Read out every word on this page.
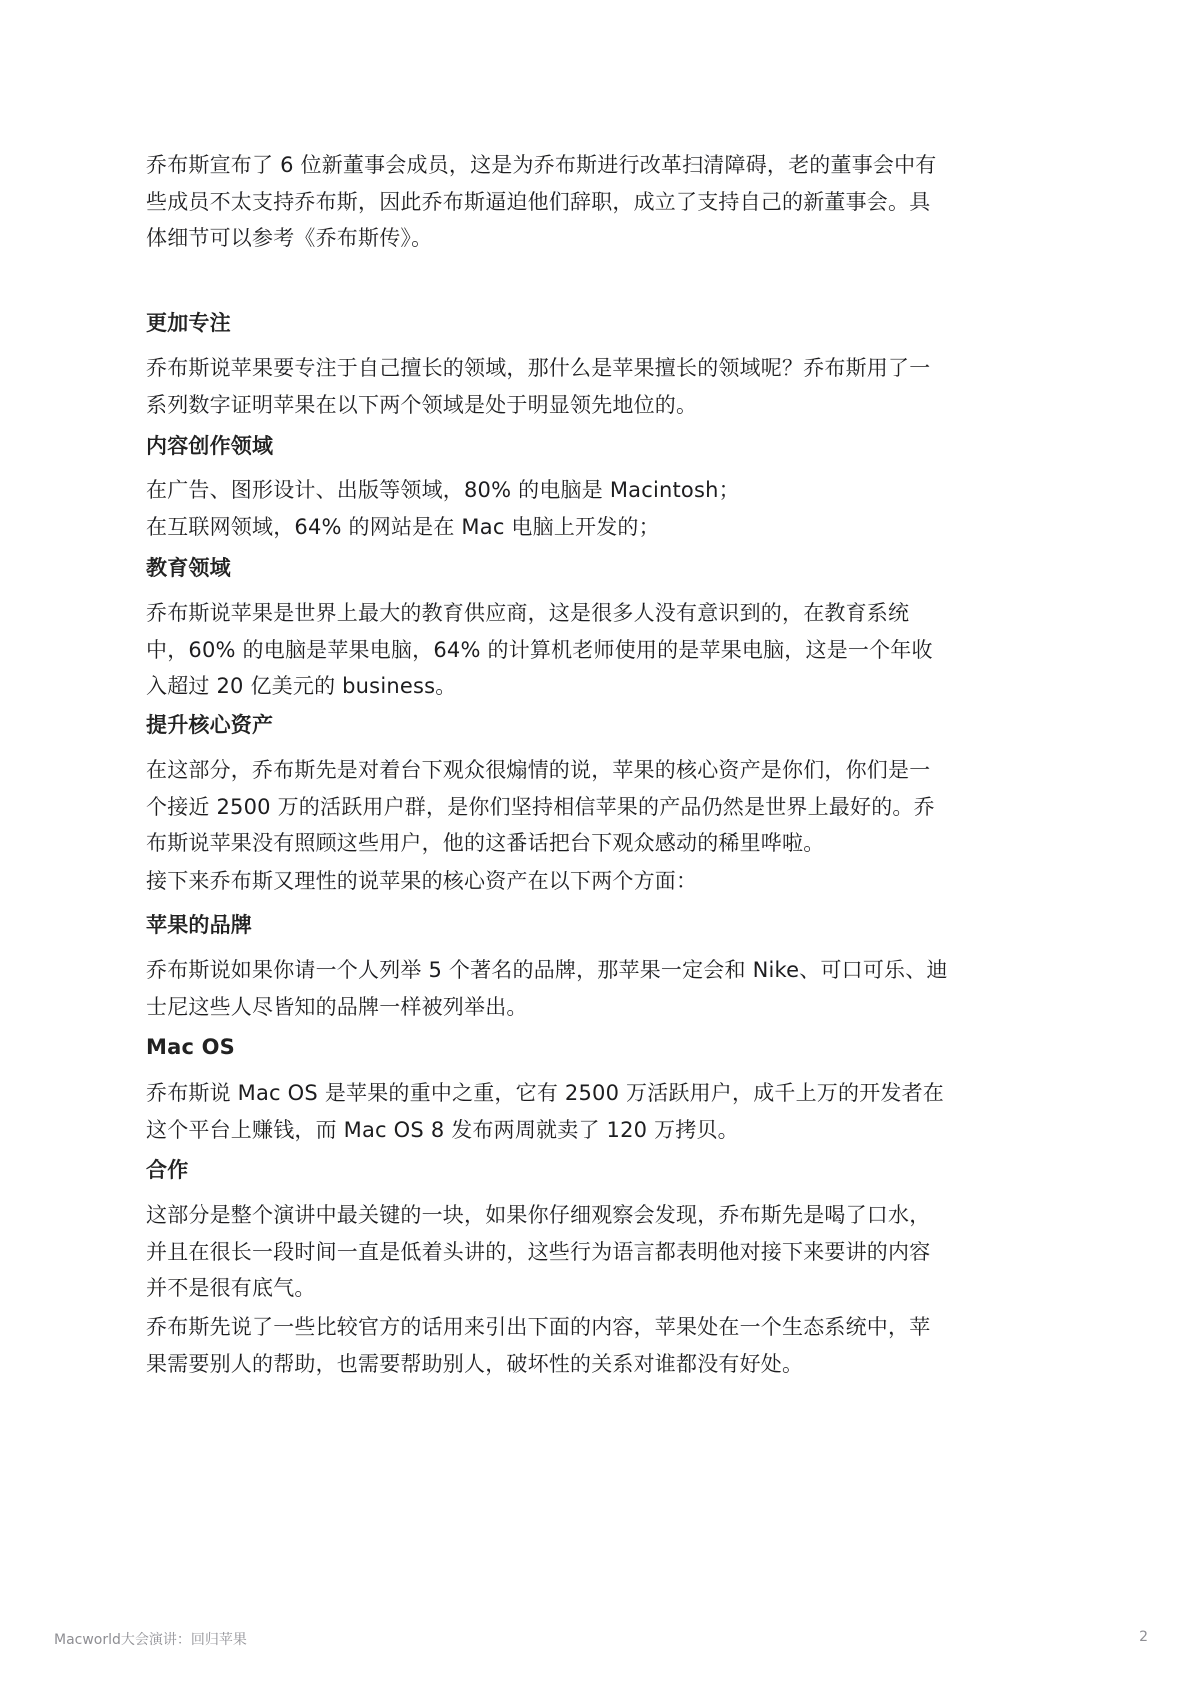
乔布斯宣布了 6 位新董事会成员，这是为乔布斯进行改革扫清障碍，老的董事会中有
些成员不太支持乔布斯，因此乔布斯逼迫他们辞职，成立了支持自己的新董事会。具
体细节可以参考《乔布斯传》。

更加专注

乔布斯说苹果要专注于自己擅长的领域，那什么是苹果擅长的领域呢？乔布斯用了一
系列数字证明苹果在以下两个领域是处于明显领先地位的。

内容创作领域

在广告、图形设计、出版等领域，80% 的电脑是 Macintosh；
在互联网领域，64% 的网站是在 Mac 电脑上开发的；

教育领域

乔布斯说苹果是世界上最大的教育供应商，这是很多人没有意识到的，在教育系统
中，60% 的电脑是苹果电脑，64% 的计算机老师使用的是苹果电脑，这是一个年收
入超过 20 亿美元的 business。

提升核心资产

在这部分，乔布斯先是对着台下观众很煽情的说，苹果的核心资产是你们，你们是一
个接近 2500 万的活跃用户群，是你们坚持相信苹果的产品仍然是世界上最好的。乔
布斯说苹果没有照顾这些用户，他的这番话把台下观众感动的稀里哗啦。

接下来乔布斯又理性的说苹果的核心资产在以下两个方面：

苹果的品牌

乔布斯说如果你请一个人列举 5 个著名的品牌，那苹果一定会和 Nike、可口可乐、迪
士尼这些人尽皆知的品牌一样被列举出。

Mac OS

乔布斯说 Mac OS 是苹果的重中之重，它有 2500 万活跃用户，成千上万的开发者在
这个平台上赚钱，而 Mac OS 8 发布两周就卖了 120 万拷贝。

合作

这部分是整个演讲中最关键的一块，如果你仔细观察会发现，乔布斯先是喝了口水，
并且在很长一段时间一直是低着头讲的，这些行为语言都表明他对接下来要讲的内容
并不是很有底气。

乔布斯先说了一些比较官方的话用来引出下面的内容，苹果处在一个生态系统中，苹
果需要别人的帮助，也需要帮助别人，破坏性的关系对谁都没有好处。

Macworld大会演讲：回归苹果	2
